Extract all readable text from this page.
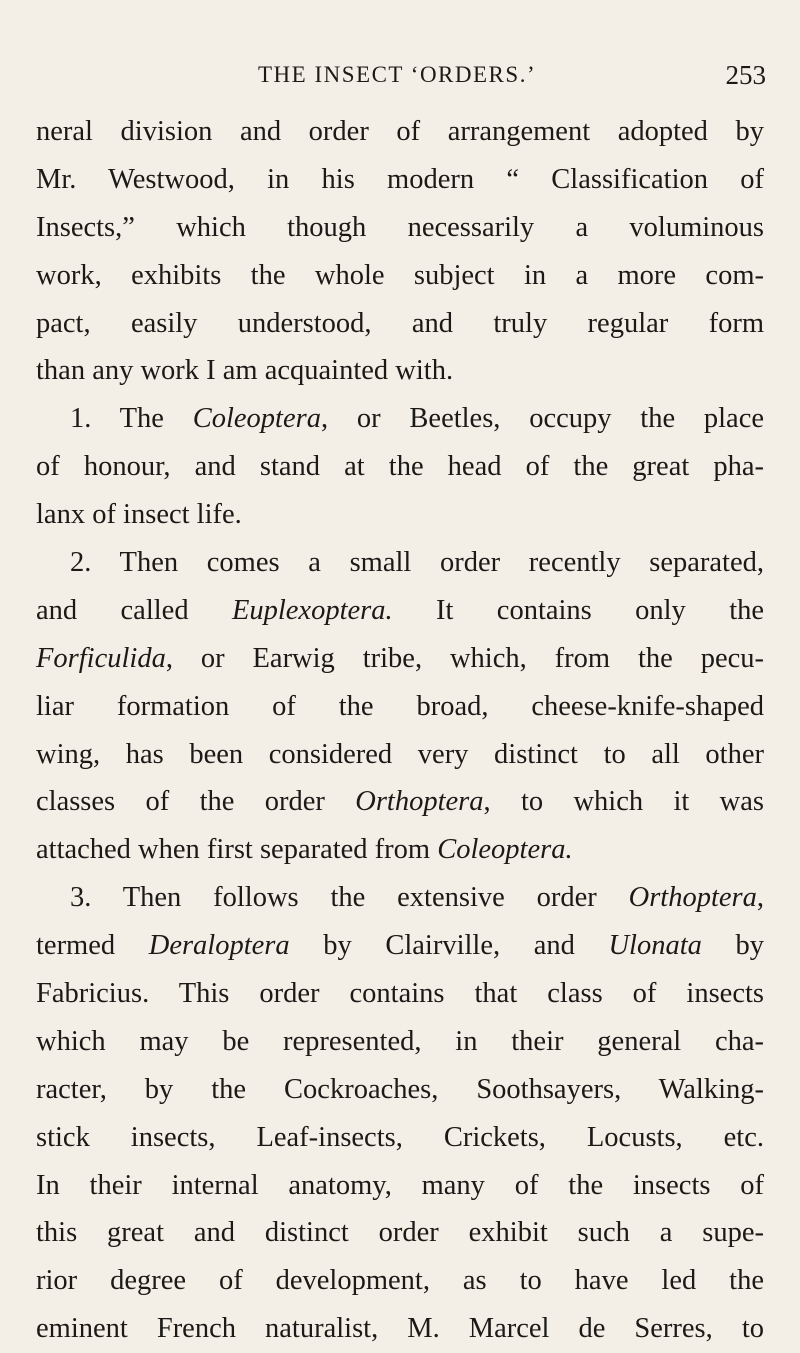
THE INSECT ‘ORDERS.’	253
neral division and order of arrangement adopted by
Mr. Westwood, in his modern “ Classification of
Insects,” which though necessarily a voluminous
work, exhibits the whole subject in a more com-
pact, easily understood, and truly regular form
than any work I am acquainted with.
1. The Coleoptera, or Beetles, occupy the place
of honour, and stand at the head of the great pha-
lanx of insect life.
2. Then comes a small order recently separated,
and called Euplexoptera. It contains only the
Forficulida, or Earwig tribe, which, from the pecu-
liar formation of the broad, cheese-knife-shaped
wing, has been considered very distinct to all other
classes of the order Orthoptera, to which it was
attached when first separated from Coleoptera.
3. Then follows the extensive order Orthoptera,
termed Deraloptera by Clairville, and Ulonata by
Fabricius. This order contains that class of insects
which may be represented, in their general cha-
racter, by the Cockroaches, Soothsayers, Walking-
stick insects, Leaf-insects, Crickets, Locusts, etc.
In their internal anatomy, many of the insects of
this great and distinct order exhibit such a supe-
rior degree of development, as to have led the
eminent French naturalist, M. Marcel de Serres, to
